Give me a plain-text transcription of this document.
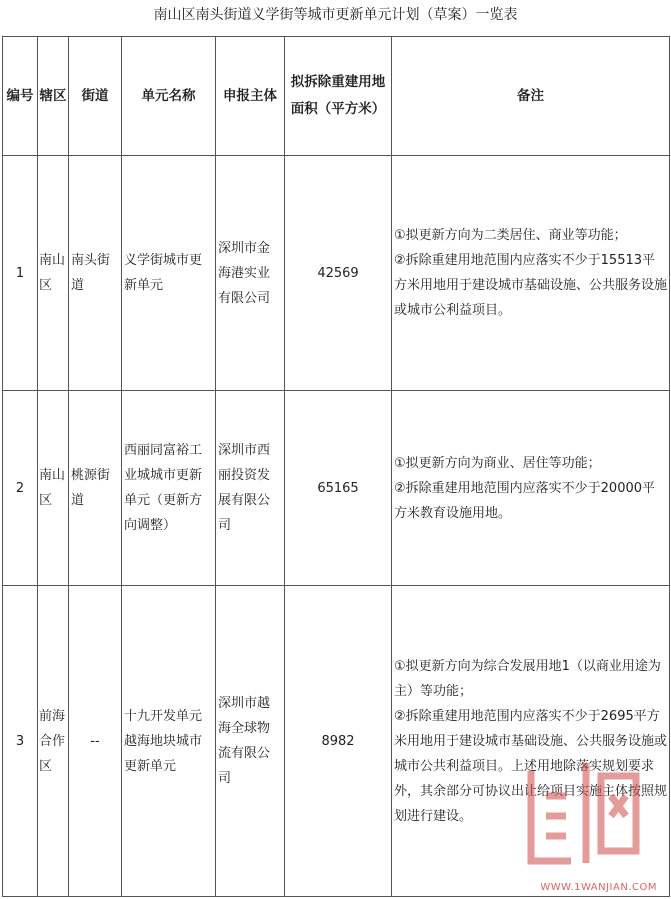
南山区南头街道义学街等城市更新单元计划（草案）一览表
编号	辖区	街道	单元名称	申报主体	拟拆除重建用地面积（平方米）	备注
1	南山区	南头街道	义学街城市更新单元	深圳市金海港实业有限公司	42569	①拟更新方向为二类居住、商业等功能；
②拆除重建用地范围内应落实不少于15513平方米用地用于建设城市基础设施、公共服务设施或城市公利益项目。

2	南山区	桃源街道	西丽同富裕工业城城市更新单元（更新方向调整）	深圳市西丽投资发展有限公司	65165	①拟更新方向为商业、居住等功能；
②拆除重建用地范围内应落实不少于20000平方米教育设施用地。

3	前海合作区	--	十九开发单元越海地块城市更新单元	深圳市越海全球物流有限公司	8982	①拟更新方向为综合发展用地1（以商业用途为主）等功能；
②拆除重建用地范围内应落实不少于2695平方米用地用于建设城市基础设施、公共服务设施或城市公共利益项目。上述用地除落实规划要求外，其余部分可协议出让给项目实施主体按照规划进行建设。
WWW.1WANJIAN.COM
